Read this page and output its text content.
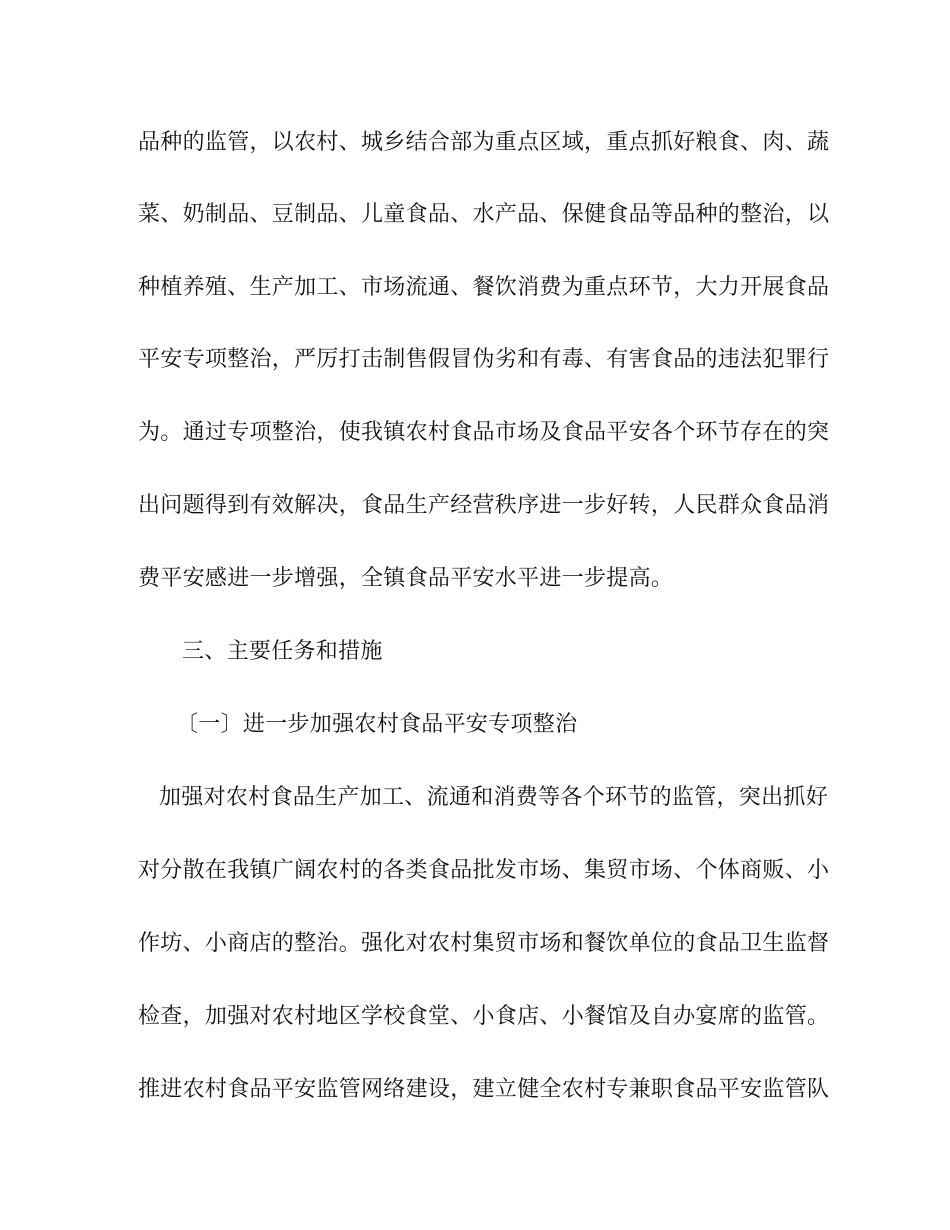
品种的监管，以农村、城乡结合部为重点区域，重点抓好粮食、肉、蔬
菜、奶制品、豆制品、儿童食品、水产品、保健食品等品种的整治，以
种植养殖、生产加工、市场流通、餐饮消费为重点环节，大力开展食品
平安专项整治，严厉打击制售假冒伪劣和有毒、有害食品的违法犯罪行
为。通过专项整治，使我镇农村食品市场及食品平安各个环节存在的突
出问题得到有效解决，食品生产经营秩序进一步好转，人民群众食品消
费平安感进一步增强，全镇食品平安水平进一步提高。
三、主要任务和措施
〔一〕进一步加强农村食品平安专项整治
加强对农村食品生产加工、流通和消费等各个环节的监管，突出抓好
对分散在我镇广阔农村的各类食品批发市场、集贸市场、个体商贩、小
作坊、小商店的整治。强化对农村集贸市场和餐饮单位的食品卫生监督
检查，加强对农村地区学校食堂、小食店、小餐馆及自办宴席的监管。
推进农村食品平安监管网络建设，建立健全农村专兼职食品平安监管队
